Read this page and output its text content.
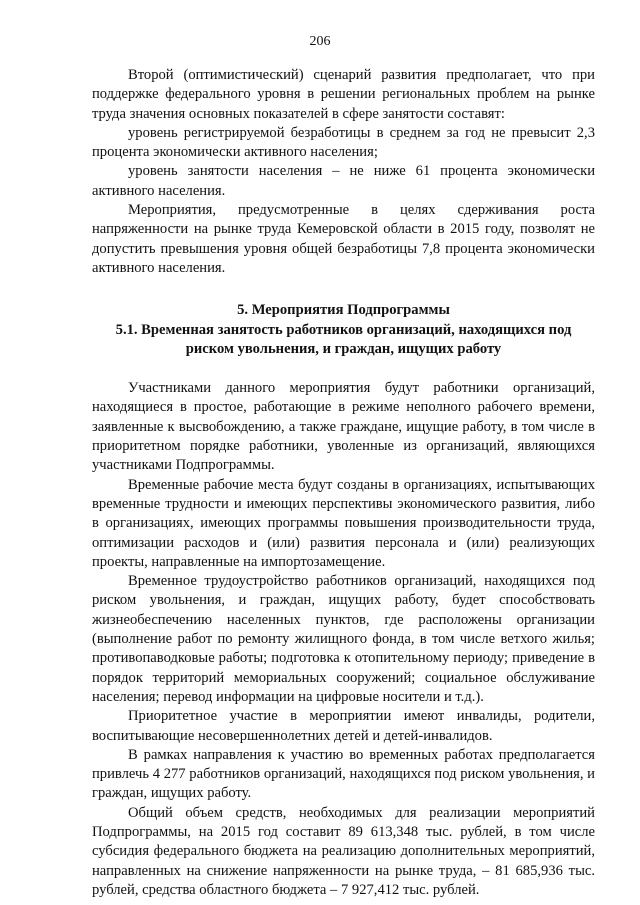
206

Второй (оптимистический) сценарий развития предполагает, что при поддержке федерального уровня в решении региональных проблем на рынке труда значения основных показателей в сфере занятости составят:

уровень регистрируемой безработицы в среднем за год не превысит 2,3 процента экономически активного населения;

уровень занятости населения – не ниже 61 процента экономически активного населения.

Мероприятия, предусмотренные в целях сдерживания роста напряженности на рынке труда Кемеровской области в 2015 году, позволят не допустить превышения уровня общей безработицы 7,8 процента экономически активного населения.

5. Мероприятия Подпрограммы

5.1. Временная занятость работников организаций, находящихся под риском увольнения, и граждан, ищущих работу

Участниками данного мероприятия будут работники организаций, находящиеся в простое, работающие в режиме неполного рабочего времени, заявленные к высвобождению, а также граждане, ищущие работу, в том числе в приоритетном порядке работники, уволенные из организаций, являющихся участниками Подпрограммы.

Временные рабочие места будут созданы в организациях, испытывающих временные трудности и имеющих перспективы экономического развития, либо в организациях, имеющих программы повышения производительности труда, оптимизации расходов и (или) развития персонала и (или) реализующих проекты, направленные на импортозамещение.

Временное трудоустройство работников организаций, находящихся под риском увольнения, и граждан, ищущих работу, будет способствовать жизнеобеспечению населенных пунктов, где расположены организации (выполнение работ по ремонту жилищного фонда, в том числе ветхого жилья; противопаводковые работы; подготовка к отопительному периоду; приведение в порядок территорий мемориальных сооружений; социальное обслуживание населения; перевод информации на цифровые носители и т.д.).

Приоритетное участие в мероприятии имеют инвалиды, родители, воспитывающие несовершеннолетних детей и детей-инвалидов.

В рамках направления к участию во временных работах предполагается привлечь 4 277 работников организаций, находящихся под риском увольнения, и граждан, ищущих работу.

Общий объем средств, необходимых для реализации мероприятий Подпрограммы, на 2015 год составит 89 613,348 тыс. рублей, в том числе субсидия федерального бюджета на реализацию дополнительных мероприятий, направленных на снижение напряженности на рынке труда, – 81 685,936 тыс. рублей, средства областного бюджета – 7 927,412 тыс. рублей.
